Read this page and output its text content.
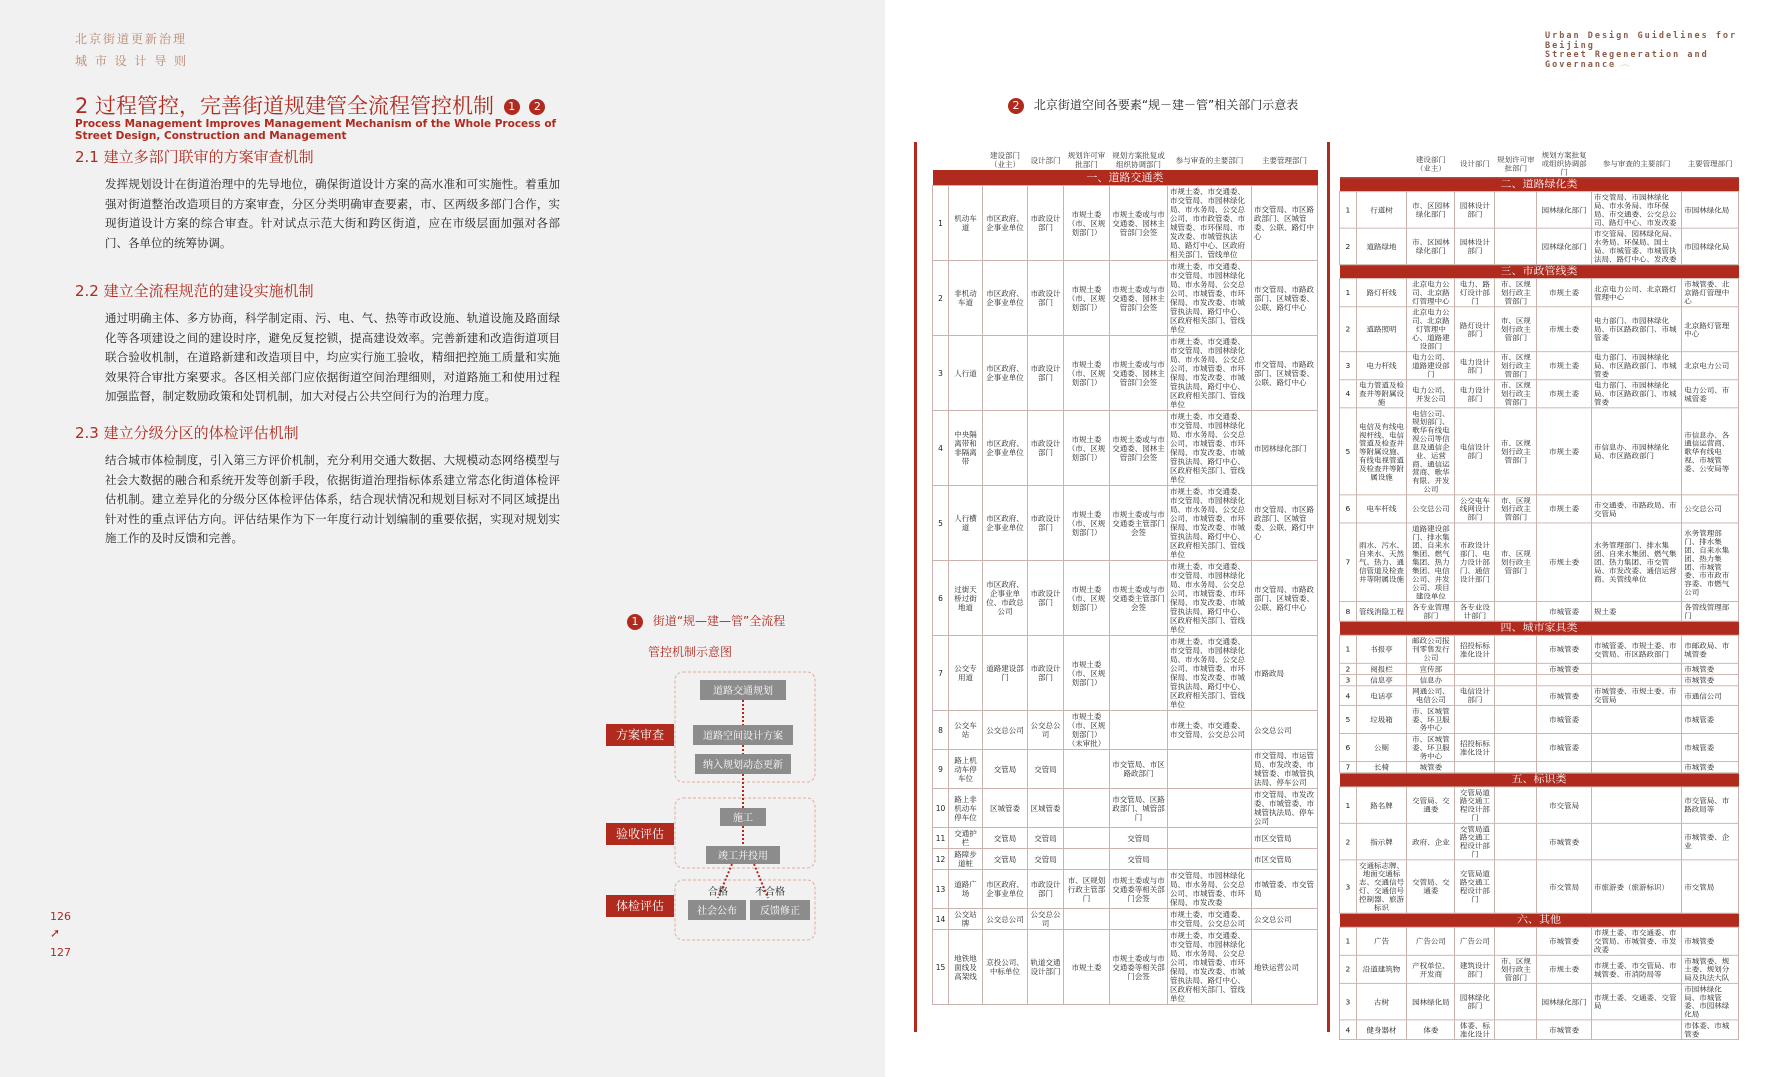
北京街道更新治理
城 市 设 计 导 则
2 过程管控，完善街道规建管全流程管控机制 1 2
Process Management Improves Management Mechanism of the Whole Process of Street Design, Construction and Management
2.1 建立多部门联审的方案审查机制
发挥规划设计在街道治理中的先导地位，确保街道设计方案的高水准和可实施性。着重加强对街道整治改造项目的方案审查，分区分类明确审查要素，市、区两级多部门合作，实现街道设计方案的综合审查。针对试点示范大街和跨区街道，应在市级层面加强对各部门、各单位的统筹协调。
2.2 建立全流程规范的建设实施机制
通过明确主体、多方协商，科学制定雨、污、电、气、热等市政设施、轨道设施及路面绿化等各项建设之间的建设时序，避免反复挖锁，提高建设效率。完善新建和改造街道项目联合验收机制，在道路新建和改造项目中，均应实行施工验收，精细把控施工质量和实施效果符合审批方案要求。各区相关部门应依据街道空间治理细则，对道路施工和使用过程加强监督，制定数励政策和处罚机制，加大对侵占公共空间行为的治理力度。
2.3 建立分级分区的体检评估机制
结合城市体检制度，引入第三方评价机制，充分利用交通大数据、大规模动态网络模型与社会大数据的融合和系统开发等创新手段，依据街道治理指标体系建立常态化街道体检评估机制。建立差异化的分级分区体检评估体系，结合现状情况和规划目标对不同区域提出针对性的重点评估方向。评估结果作为下一年度行动计划编制的重要依据，实现对规划实施工作的及时反馈和完善。
1 街道“规—建—管”全流程
管控机制示意图
方案审查
验收评估
体检评估
道路交通规划
道路空间设计方案
纳入规划动态更新
施工
竣工并投用
合格	不合格
社会公布 反馈修正
126
➚
127
Urban Design Guidelines for Beijing
Street Regeneration and Governance
⌒ ⌒
2 北京街道空间各要素“规－建－管”相关部门示意表
		建设部门（业主）	设计部门	规划许可审批部门	规划方案批复或组织协调部门	参与审查的主要部门	主要管理部门
一、道路交通类							
1	机动车道	市区政府、企事业单位	市政设计部门	市规土委（市、区规划部门）	市规土委或与市交通委、园林主管部门会签	市规土委、市交通委、市交管局、市园林绿化局、市水务局、公交总公司、市市政管委、市城管委、市环保局、市发改委、市城管执法局、路灯中心、区政府相关部门、管线单位	市交管局、市区路政部门、区城管委、公联、路灯中心
2	非机动车道	市区政府、企事业单位	市政设计部门	市规土委（市、区规划部门）	市规土委或与市交通委、园林主管部门会签	市规土委、市交通委、市交管局、市园林绿化局、市水务局、公交总公司、市城管委、市环保局、市发改委、市城管执法局、路灯中心、区政府相关部门、管线单位	市交管局、市路政部门、区城管委、公联、路灯中心
3	人行道	市区政府、企事业单位	市政设计部门	市规土委（市、区规划部门）	市规土委或与市交通委、园林主管部门会签	市规土委、市交通委、市交管局、市园林绿化局、市水务局、公交总公司、市城管委、市环保局、市发改委、市城管执法局、路灯中心、区政府相关部门、管线单位	市交管局、市路政部门、区城管委、公联、路灯中心
4	中央隔离带和非隔离带	市区政府、企事业单位	市政设计部门	市规土委（市、区规划部门）	市规土委或与市交通委、园林主管部门会签	市规土委、市交通委、市交管局、市园林绿化局、市水务局、公交总公司、市城管委、市环保局、市发改委、市城管执法局、路灯中心、区政府相关部门、管线单位	市园林绿化部门
5	人行横道	市区政府、企事业单位	市政设计部门	市规土委（市、区规划部门）	市规土委或与市交通委主管部门会签	市规土委、市交通委、市交管局、市园林绿化局、市水务局、公交总公司、市城管委、市环保局、市发改委、市城管执法局、路灯中心、区政府相关部门、管线单位	市交管局、市区路政部门、区城管委、公联、路灯中心
6	过街天桥过街地道	市区政府、企事业单位、市政总公司	市政设计部门	市规土委（市、区规划部门）	市规土委或与市交通委主管部门会签	市规土委、市交通委、市交管局、市园林绿化局、市水务局、公交总公司、市城管委、市环保局、市发改委、市城管执法局、路灯中心、区政府相关部门、管线单位	市交管局、市路政部门、区城管委、公联、路灯中心
7	公交专用道	道路建设部门	市政设计部门	市规土委（市、区规划部门）		市规土委、市交通委、市交管局、市园林绿化局、市水务局、公交总公司、市城管委、市环保局、市发改委、市城管执法局、路灯中心、区政府相关部门、管线单位	市路政局
8	公交车站	公交总公司	公交总公司	市规土委（市、区规划部门）（未审批）		市规土委、市交通委、市交管局、公交总公司	公交总公司
9	路上机动车停车位	交管局	交管局		市交管局、市区路政部门		市交管局、市运管局、市发改委、市城管委、市城管执法局、停车公司
10	路上非机动车停车位	区城管委	区城管委		市交管局、区路政部门、城管部门		市交管局、市发改委、市城管委、市城管执法局、停车公司
11	交通护栏	交管局	交管局		交管局		市区交管局
12	路障步道桩	交管局	交管局		交管局		市区交管局
13	道路广场	市区政府、企事业单位	市政设计部门	市、区规划行政主管部门	市规土委或与市交通委等相关部门会签	市交管局、市园林绿化局、市水务局、公交总公司、市城管委、市环保局、市发改委	市城管委、市交管局
14	公交站牌	公交总公司	公交总公司			市规土委、市交通委、市交管局、公交总公司	公交总公司
15	地铁地面线及高架线	京投公司、中标单位	轨道交通设计部门	市规土委	市规土委或与市交通委等相关部门会签	市规土委、市交通委、市交管局、市园林绿化局、市水务局、公交总公司、市城管委、市环保局、市发改委、市城管执法局、路灯中心、区政府相关部门、管线单位	地铁运营公司
		建设部门（业主）	设计部门	规划许可审批部门	规划方案批复或组织协调部门	参与审查的主要部门	主要管理部门
二、道路绿化类							
1	行道树	市、区园林绿化部门	园林设计部门		园林绿化部门	市交管局、市园林绿化局、市水务局、市环保局、市交通委、公交总公司、路灯中心、市发改委	市园林绿化局
2	道路绿地	市、区园林绿化部门	园林设计部门		园林绿化部门	市交管局、园林绿化局、水务局、环保局、国土局、市城管委、市城管执法局、路灯中心、发改委	市园林绿化局
三、市政管线类							
1	路灯杆线	北京电力公司、北京路灯管理中心	电力、路灯设计部门	市、区规划行政主管部门	市规土委	北京电力公司、北京路灯管理中心	市城管委、北京路灯管理中心
2	道路照明	北京电力公司、北京路灯管理中心、道路建设部门	路灯设计部门	市、区规划行政主管部门	市规土委	电力部门、市园林绿化局、市区路政部门、市城管委	北京路灯管理中心
3	电力杆线	电力公司、道路建设部门	电力设计部门	市、区规划行政主管部门	市规土委	电力部门、市园林绿化局、市区路政部门、市城管委	北京电力公司
4	电力管道及检查井等附属设施	电力公司、并发公司	电力设计部门	市、区规划行政主管部门	市规土委	电力部门、市园林绿化局、市区路政部门、市城管委	电力公司、市城管委
5	电信及有线电视杆线、电信管道及检查井等附属设施、有线电视管道及检查井等附属设施	电信公司、规划部门、歌华有线电视公司等信息及通信企业、运营商、通信运营商、歌华有限、并发公司	电信设计部门	市、区规划行政主管部门	市规土委	市信息办、市园林绿化局、市区路政部门	市信息办、各通信运营商、歌华有线电视、市城管委、公安局等
6	电车杆线	公交总公司	公交电车线网设计部门	市、区规划行政主管部门	市规土委	市交通委、市路政局、市交管局	公交总公司
7	雨水、污水、自来水、天然气、热力、通信管道及检查井等附属设施	道路建设部门、排水集团、自来水集团、燃气集团、热力集团、电信公司、并发公司、项目建设单位	市政设计部门、电力设计部门、通信设计部门	市、区规划行政主管部门	市规土委	水务管理部门、排水集团、自来水集团、燃气集团、热力集团、市交管局、市发改委、通信运营商、关管线单位	水务管理部门、排水集团、自来水集团、热力集团、市城管委、市市政市容委、市燃气公司
8	管线消隐工程	各专业管理部门	各专业设计部门		市城管委	规土委	各管线管理部门
四、城市家具类							
1	书报亭	邮政公司报刊零售发行公司	招投标标准化设计		市城管委	市城管委、市规土委、市交管局、市区路政部门	市邮政局、市城管委
2	阅报栏	宣传部			市城管委		市城管委
3	信息亭	信息办					市城管委
4	电话亭	网通公司、电信公司	电信设计部门		市城管委	市城管委、市规土委、市交管局	市通信公司
5	垃圾箱	市、区城管委、环卫服务中心			市城管委		市城管委
6	公厕	市、区城管委、环卫服务中心	招投标标准化设计		市城管委		市城管委
7	长椅	城管委					市城管委
五、标识类							
1	路名牌	交管局、交通委	交管局道路交通工程设计部门		市交管局		市交管局、市路政局等
2	指示牌	政府、企业	交管局道路交通工程设计部门		市城管委		市城管委、企业
3	交通标志牌、地面交通标志、交通信号灯、交通信号控制器、旅游标识	交管局、交通委	交管局道路交通工程设计部门		市交管局	市旅游委（旅游标识）	市交管局
六、其他							
1	广告	广告公司	广告公司		市城管委	市规土委、市交通委、市交管局、市城管委、市发改委	市城管委
2	沿道建筑物	产权单位、开发商	建筑设计部门	市、区规划行政主管部门	市规土委	市规土委、市交管局、市城管委、市消防局等	市城管委、规土委、规划分局及执法大队
3	古树	园林绿化局	园林绿化部门		园林绿化部门	市规土委、交通委、交管局	市园林绿化局、市城管委、市园林绿化局
4	健身器材	体委	体委、标准化设计		市城管委		市体委、市城管委
